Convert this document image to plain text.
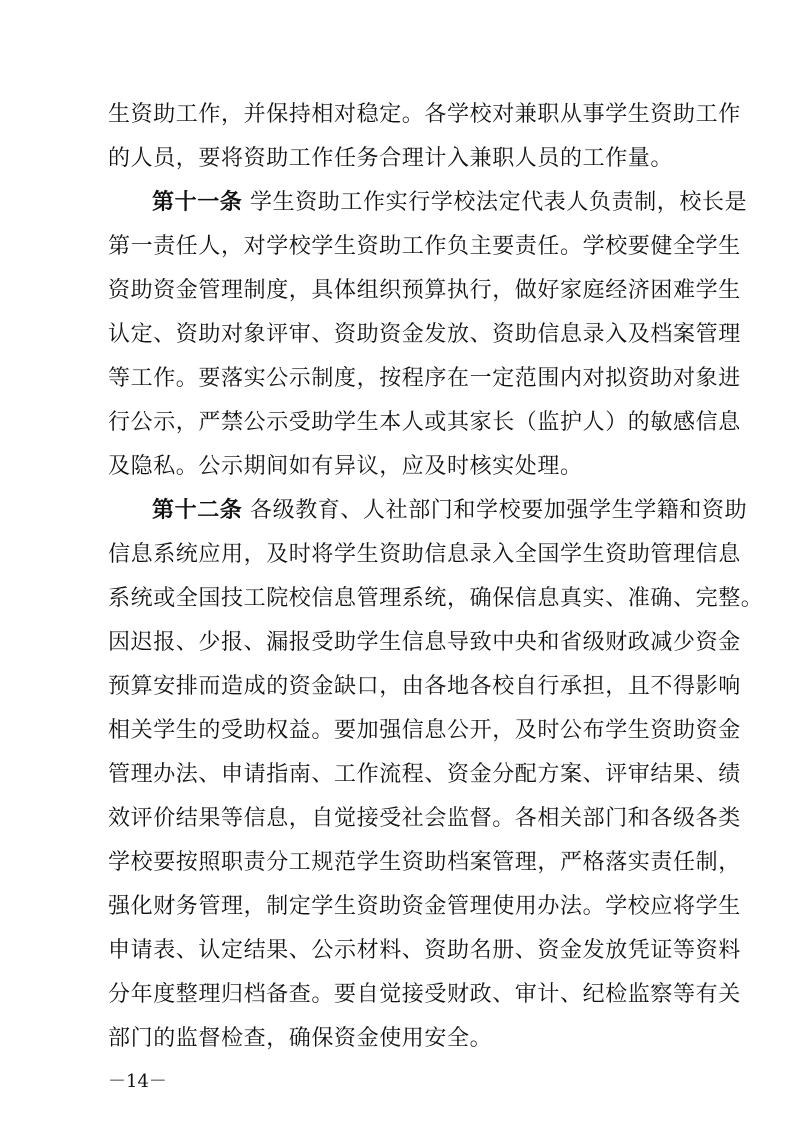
生资助工作，并保持相对稳定。各学校对兼职从事学生资助工作
的人员，要将资助工作任务合理计入兼职人员的工作量。
第十一条 学生资助工作实行学校法定代表人负责制，校长是
第一责任人，对学校学生资助工作负主要责任。学校要健全学生
资助资金管理制度，具体组织预算执行，做好家庭经济困难学生
认定、资助对象评审、资助资金发放、资助信息录入及档案管理
等工作。要落实公示制度，按程序在一定范围内对拟资助对象进
行公示，严禁公示受助学生本人或其家长（监护人）的敏感信息
及隐私。公示期间如有异议，应及时核实处理。
第十二条 各级教育、人社部门和学校要加强学生学籍和资助
信息系统应用，及时将学生资助信息录入全国学生资助管理信息
系统或全国技工院校信息管理系统，确保信息真实、准确、完整。
因迟报、少报、漏报受助学生信息导致中央和省级财政减少资金
预算安排而造成的资金缺口，由各地各校自行承担，且不得影响
相关学生的受助权益。要加强信息公开，及时公布学生资助资金
管理办法、申请指南、工作流程、资金分配方案、评审结果、绩
效评价结果等信息，自觉接受社会监督。各相关部门和各级各类
学校要按照职责分工规范学生资助档案管理，严格落实责任制，
强化财务管理，制定学生资助资金管理使用办法。学校应将学生
申请表、认定结果、公示材料、资助名册、资金发放凭证等资料
分年度整理归档备查。要自觉接受财政、审计、纪检监察等有关
部门的监督检查，确保资金使用安全。
－14－
